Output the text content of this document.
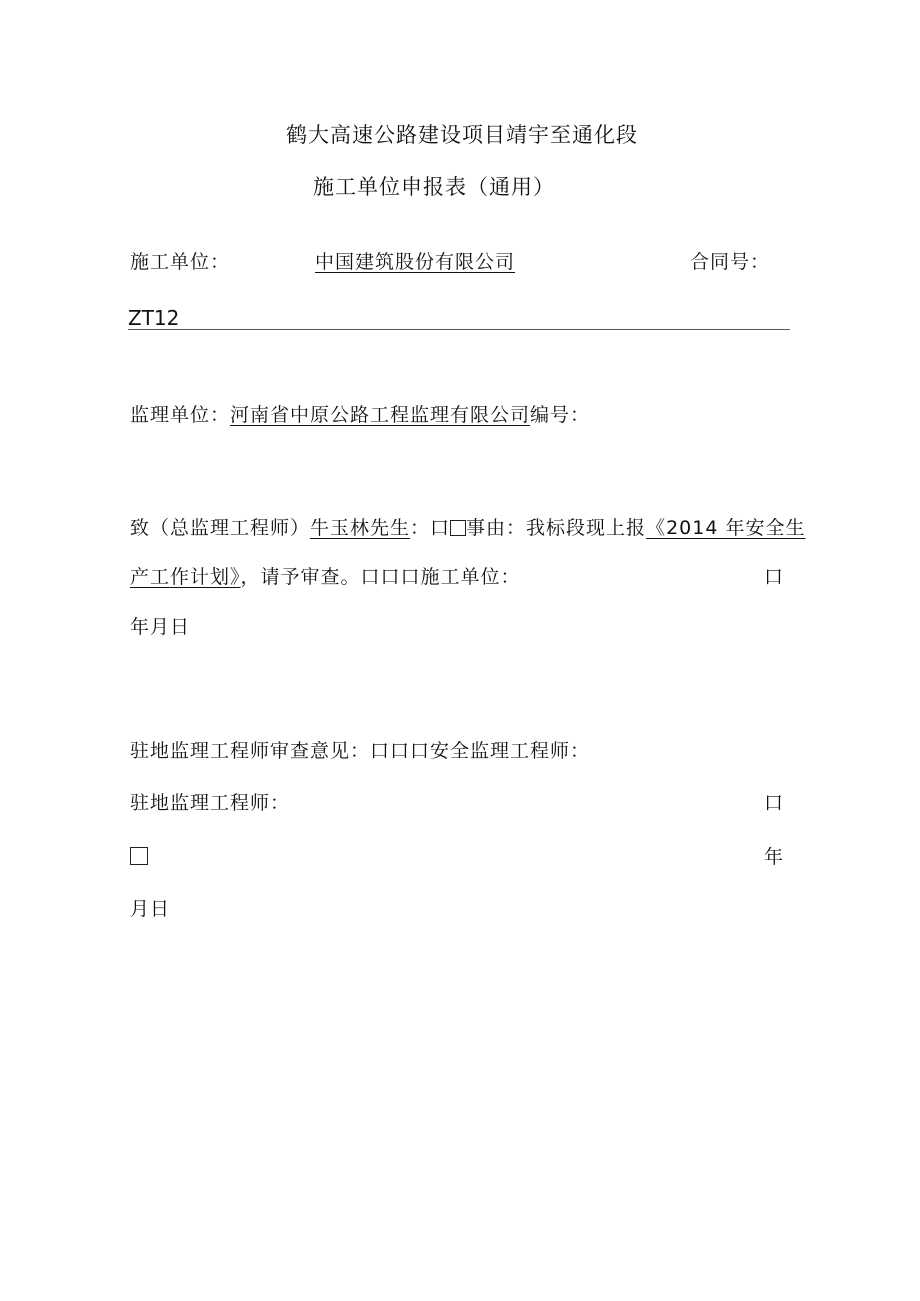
鹤大高速公路建设项目靖宇至通化段
施工单位申报表（通用）
施工单位：	中国建筑股份有限公司	合同号：
ZT12
监理单位：河南省中原公路工程监理有限公司编号：
致（总监理工程师）牛玉林先生：口 事由：我标段现上报《2014 年安全生
产工作计划》，请予审查。口口口施工单位：	口
年月日
驻地监理工程师审查意见：口口口安全监理工程师：
驻地监理工程师：	口
年
月日
